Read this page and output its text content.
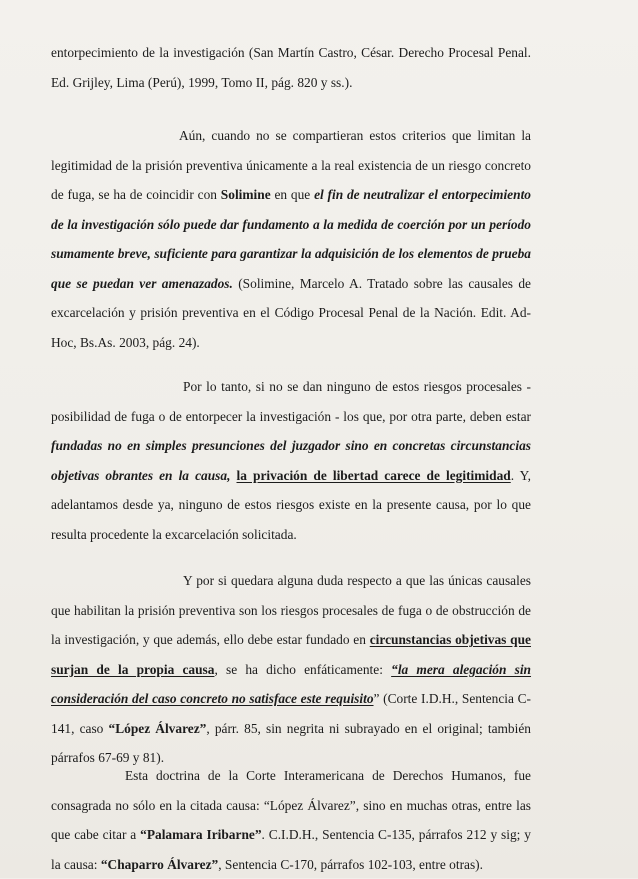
entorpecimiento de la investigación (San Martín Castro, César. Derecho Procesal Penal. Ed. Grijley, Lima (Perú), 1999, Tomo II, pág. 820 y ss.).

Aún, cuando no se compartieran estos criterios que limitan la legitimidad de la prisión preventiva únicamente a la real existencia de un riesgo concreto de fuga, se ha de coincidir con Solimine en que el fin de neutralizar el entorpecimiento de la investigación sólo puede dar fundamento a la medida de coerción por un período sumamente breve, suficiente para garantizar la adquisición de los elementos de prueba que se puedan ver amenazados. (Solimine, Marcelo A. Tratado sobre las causales de excarcelación y prisión preventiva en el Código Procesal Penal de la Nación. Edit. Ad-Hoc, Bs.As. 2003, pág. 24).

Por lo tanto, si no se dan ninguno de estos riesgos procesales - posibilidad de fuga o de entorpecer la investigación - los que, por otra parte, deben estar fundadas no en simples presunciones del juzgador sino en concretas circunstancias objetivas obrantes en la causa, la privación de libertad carece de legitimidad. Y, adelantamos desde ya, ninguno de estos riesgos existe en la presente causa, por lo que resulta procedente la excarcelación solicitada.

Y por si quedara alguna duda respecto a que las únicas causales que habilitan la prisión preventiva son los riesgos procesales de fuga o de obstrucción de la investigación, y que además, ello debe estar fundado en circunstancias objetivas que surjan de la propia causa, se ha dicho enfáticamente: “la mera alegación sin consideración del caso concreto no satisface este requisito” (Corte I.D.H., Sentencia C-141, caso “López Álvarez”, párr. 85, sin negrita ni subrayado en el original; también párrafos 67-69 y 81).

Esta doctrina de la Corte Interamericana de Derechos Humanos, fue consagrada no sólo en la citada causa: “López Álvarez”, sino en muchas otras, entre las que cabe citar a “Palamara Iribarne”. C.I.D.H., Sentencia C-135, párrafos 212 y sig; y la causa: “Chaparro Álvarez”, Sentencia C-170, párrafos 102-103, entre otras).
